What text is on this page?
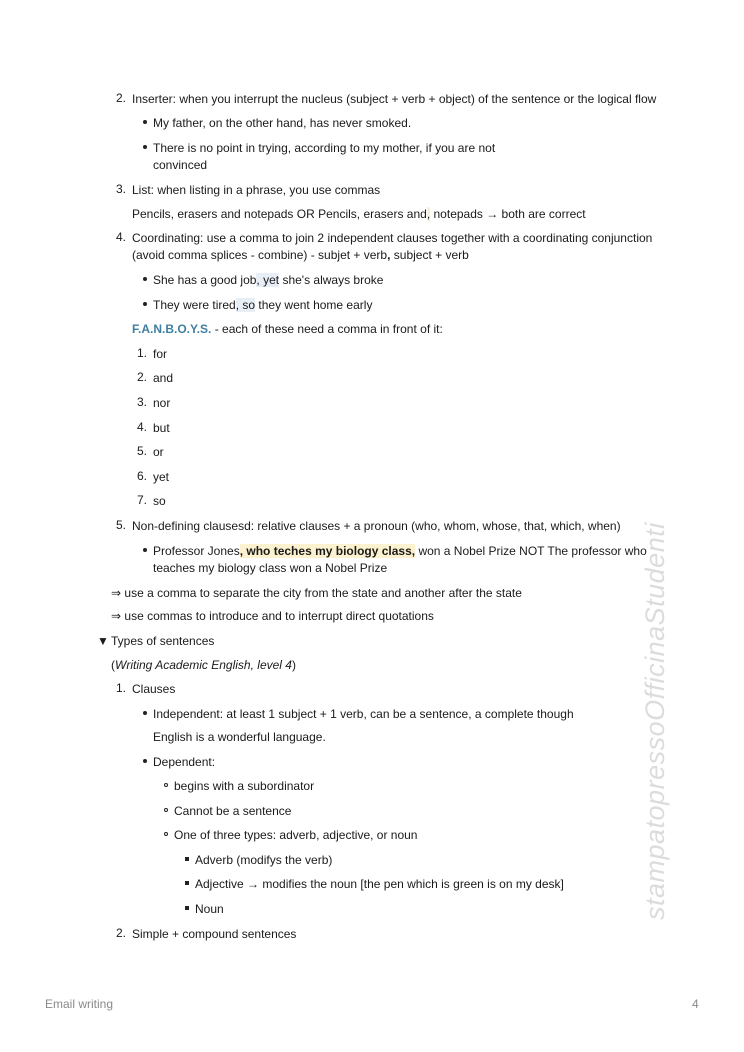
2. Inserter: when you interrupt the nucleus (subject + verb + object) of the sentence or the logical flow
My father, on the other hand, has never smoked.
There is no point in trying, according to my mother, if you are not
convinced
3. List: when listing in a phrase, you use commas
Pencils, erasers and notepads OR Pencils, erasers and, notepads → both are correct
4. Coordinating: use a comma to join 2 independent clauses together with a coordinating conjunction
(avoid comma splices - combine) - subjet + verb, subject + verb
She has a good job, yet she's always broke
They were tired, so they went home early
F.A.N.B.O.Y.S. - each of these need a comma in front of it:
1. for
2. and
3. nor
4. but
5. or
6. yet
7. so
5. Non-defining clausesd: relative clauses + a pronoun (who, whom, whose, that, which, when)
Professor Jones, who teches my biology class, won a Nobel Prize NOT The professor who
teaches my biology class won a Nobel Prize
⇒ use a comma to separate the city from the state and another after the state
⇒ use commas to introduce and to interrupt direct quotations
▼ Types of sentences
(Writing Academic English, level 4)
1. Clauses
Independent: at least 1 subject + 1 verb, can be a sentence, a complete though
English is a wonderful language.
Dependent:
begins with a subordinator
Cannot be a sentence
One of three types: adverb, adjective, or noun
Adverb (modifys the verb)
Adjective → modifies the noun [the pen which is green is on my desk]
Noun
2. Simple + compound sentences
stampatopressoOfficinaStudenti
Email writing	4
